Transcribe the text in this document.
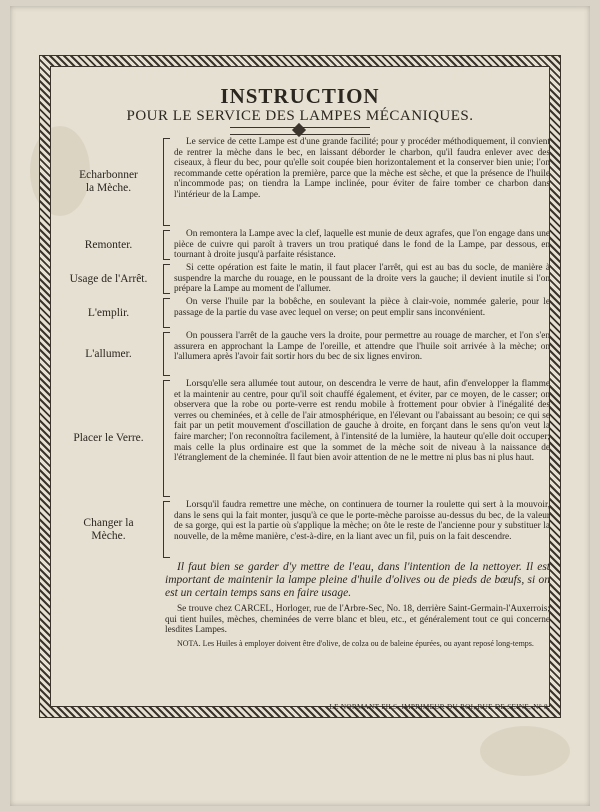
INSTRUCTION
POUR LE SERVICE DES LAMPES MÉCANIQUES.
Echarbonner
la Mèche.
Le service de cette Lampe est d'une grande facilité; pour y procéder méthodiquement, il convient de rentrer la mèche dans le bec, en laissant déborder le charbon, qu'il faudra enlever avec des ciseaux, à fleur du bec, pour qu'elle soit coupée bien horizontalement et la conserver bien unie; l'on recommande cette opération la première, parce que la mèche est sèche, et que la présence de l'huile n'incommode pas; on tiendra la Lampe inclinée, pour éviter de faire tomber ce charbon dans l'intérieur de la Lampe.
Remonter.
On remontera la Lampe avec la clef, laquelle est munie de deux agrafes, que l'on engage dans une pièce de cuivre qui paroît à travers un trou pratiqué dans le fond de la Lampe, par dessous, en tournant à droite jusqu'à parfaite résistance.
Usage de l'Arrêt.
Si cette opération est faite le matin, il faut placer l'arrêt, qui est au bas du socle, de manière à suspendre la marche du rouage, en le poussant de la droite vers la gauche; il devient inutile si l'on prépare la Lampe au moment de l'allumer.
L'emplir.
On verse l'huile par la bobêche, en soulevant la pièce à clair-voie, nommée galerie, pour le passage de la partie du vase avec lequel on verse; on peut emplir sans inconvénient.
L'allumer.
On poussera l'arrêt de la gauche vers la droite, pour permettre au rouage de marcher, et l'on s'en assurera en approchant la Lampe de l'oreille, et attendre que l'huile soit arrivée à la mèche; on l'allumera après l'avoir fait sortir hors du bec de six lignes environ.
Placer le Verre.
Lorsqu'elle sera allumée tout autour, on descendra le verre de haut, afin d'envelopper la flamme et la maintenir au centre, pour qu'il soit chauffé également, et éviter, par ce moyen, de le casser; on observera que la robe ou porte-verre est rendu mobile à frottement pour obvier à l'inégalité des verres ou cheminées, et à celle de l'air atmosphérique, en l'élevant ou l'abaissant au besoin; ce qui se fait par un petit mouvement d'oscillation de gauche à droite, en forçant dans le sens qu'on veut la faire marcher; l'on reconnoîtra facilement, à l'intensité de la lumière, la hauteur qu'elle doit occuper; mais celle la plus ordinaire est que la sommet de la mèche soit de niveau à la naissance de l'étranglement de la cheminée. Il faut bien avoir attention de ne le mettre ni plus bas ni plus haut.
Changer la
Mèche.
Lorsqu'il faudra remettre une mèche, on continuera de tourner la roulette qui sert à la mouvoir, dans le sens qui la fait monter, jusqu'à ce que le porte-mèche paroisse au-dessus du bec, de la valeur de sa gorge, qui est la partie où s'applique la mèche; on ôte le reste de l'ancienne pour y substituer la nouvelle, de la même manière, c'est-à-dire, en la liant avec un fil, puis on la fait descendre.

Il faut bien se garder d'y mettre de l'eau, dans l'intention de la nettoyer. Il est important de maintenir la lampe pleine d'huile d'olives ou de pieds de bœufs, si on est un certain temps sans en faire usage.

Se trouve chez CARCEL, Horloger, rue de l'Arbre-Sec, No. 18, derrière Saint-Germain-l'Auxerrois; qui tient huiles, mèches, cheminées de verre blanc et bleu, etc., et généralement tout ce qui concerne lesdites Lampes.

NOTA. Les Huiles à employer doivent être d'olive, de colza ou de baleine épurées, ou ayant reposé long-temps.

LE NORMANT FILS, IMPRIMEUR DU ROI, RUE DE SEINE, N° 8.
